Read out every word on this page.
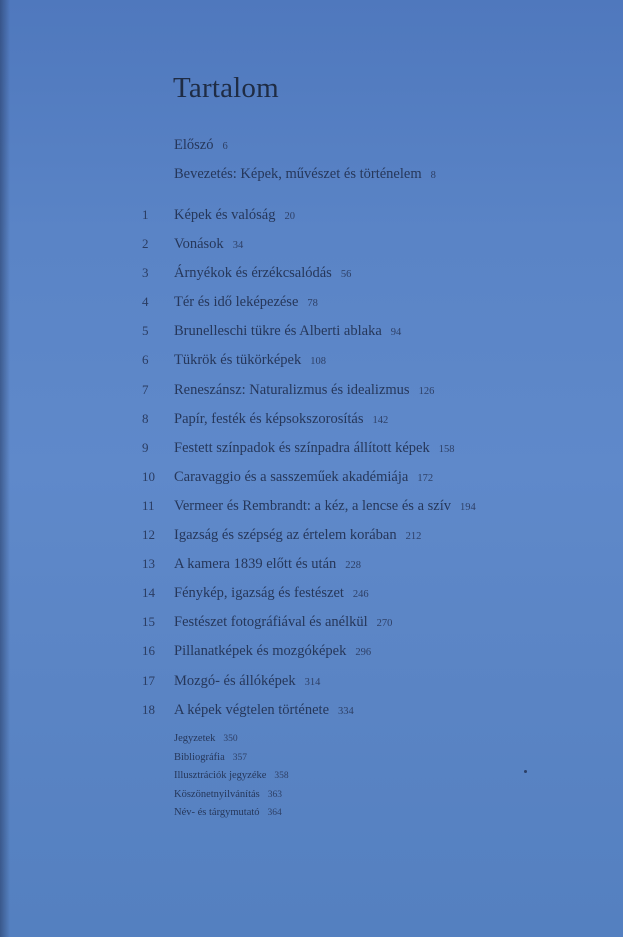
Tartalom
Előszó 6
Bevezetés: Képek, művészet és történelem 8
1	Képek és valóság 20
2	Vonások 34
3	Árnyékok és érzékcsalódás 56
4	Tér és idő leképezése 78
5	Brunelleschi tükre és Alberti ablaka 94
6	Tükrök és tükörképek 108
7	Reneszánsz: Naturalizmus és idealizmus 126
8	Papír, festék és képsokszorosítás 142
9	Festett színpadok és színpadra állított képek 158
10	Caravaggio és a sasszeműek akadémiája 172
11	Vermeer és Rembrandt: a kéz, a lencse és a szív 194
12	Igazság és szépség az értelem korában 212
13	A kamera 1839 előtt és után 228
14	Fénykép, igazság és festészet 246
15	Festészet fotográfiával és anélkül 270
16	Pillanatképek és mozgóképek 296
17	Mozgó- és állóképek 314
18	A képek végtelen története 334
Jegyzetek 350
Bibliográfia 357
Illusztrációk jegyzéke 358
Köszönetnyilvánítás 363
Név- és tárgymutató 364
